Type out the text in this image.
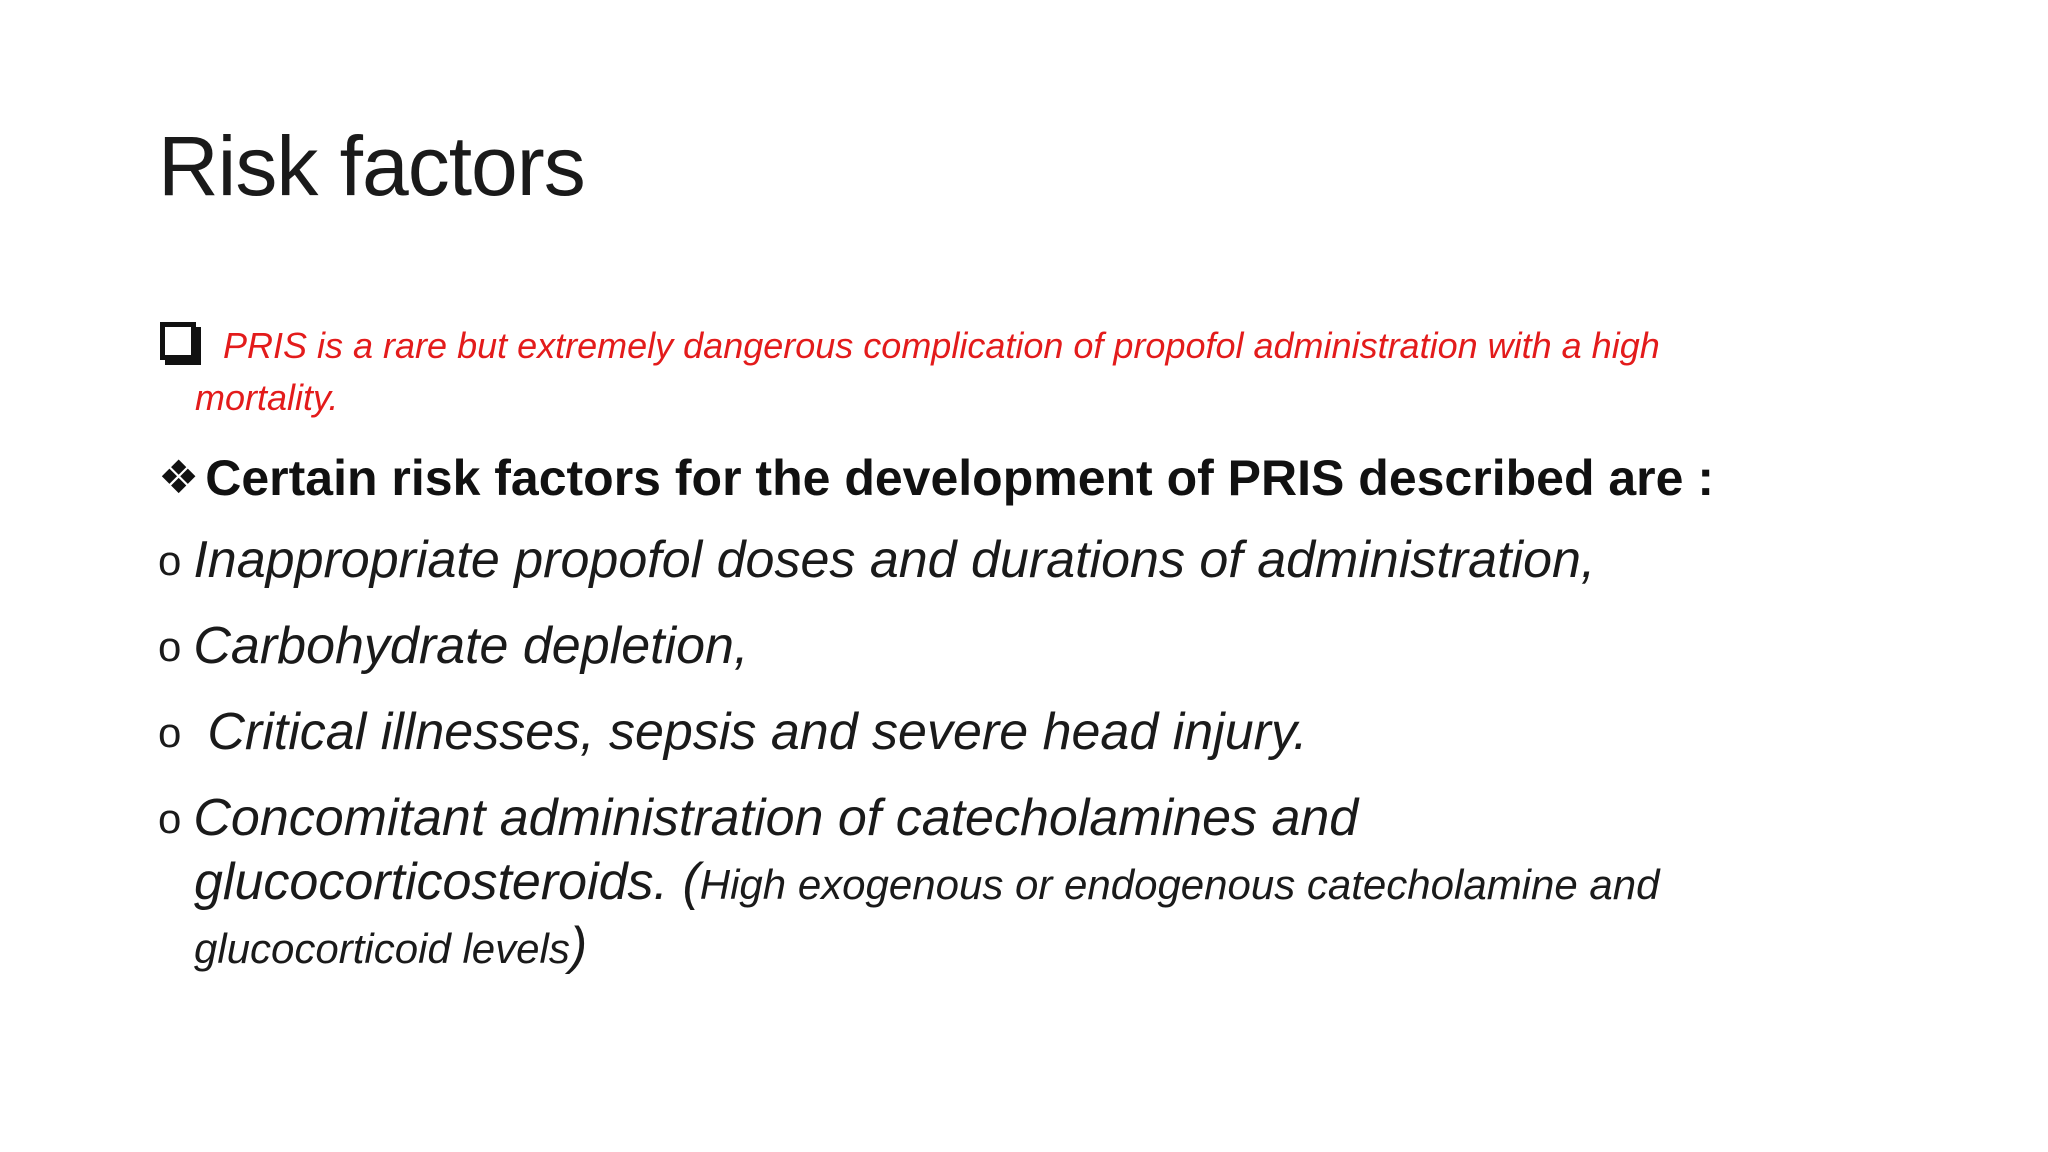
Risk factors
PRIS is a rare but extremely dangerous complication of propofol administration with a high
mortality.
❖ Certain risk factors for the development of PRIS described are :
o Inappropriate propofol doses and durations of administration,
o Carbohydrate depletion,
o Critical illnesses, sepsis and severe head injury.
o Concomitant administration of catecholamines and
glucocorticosteroids. (High exogenous or endogenous catecholamine and
glucocorticoid levels)
